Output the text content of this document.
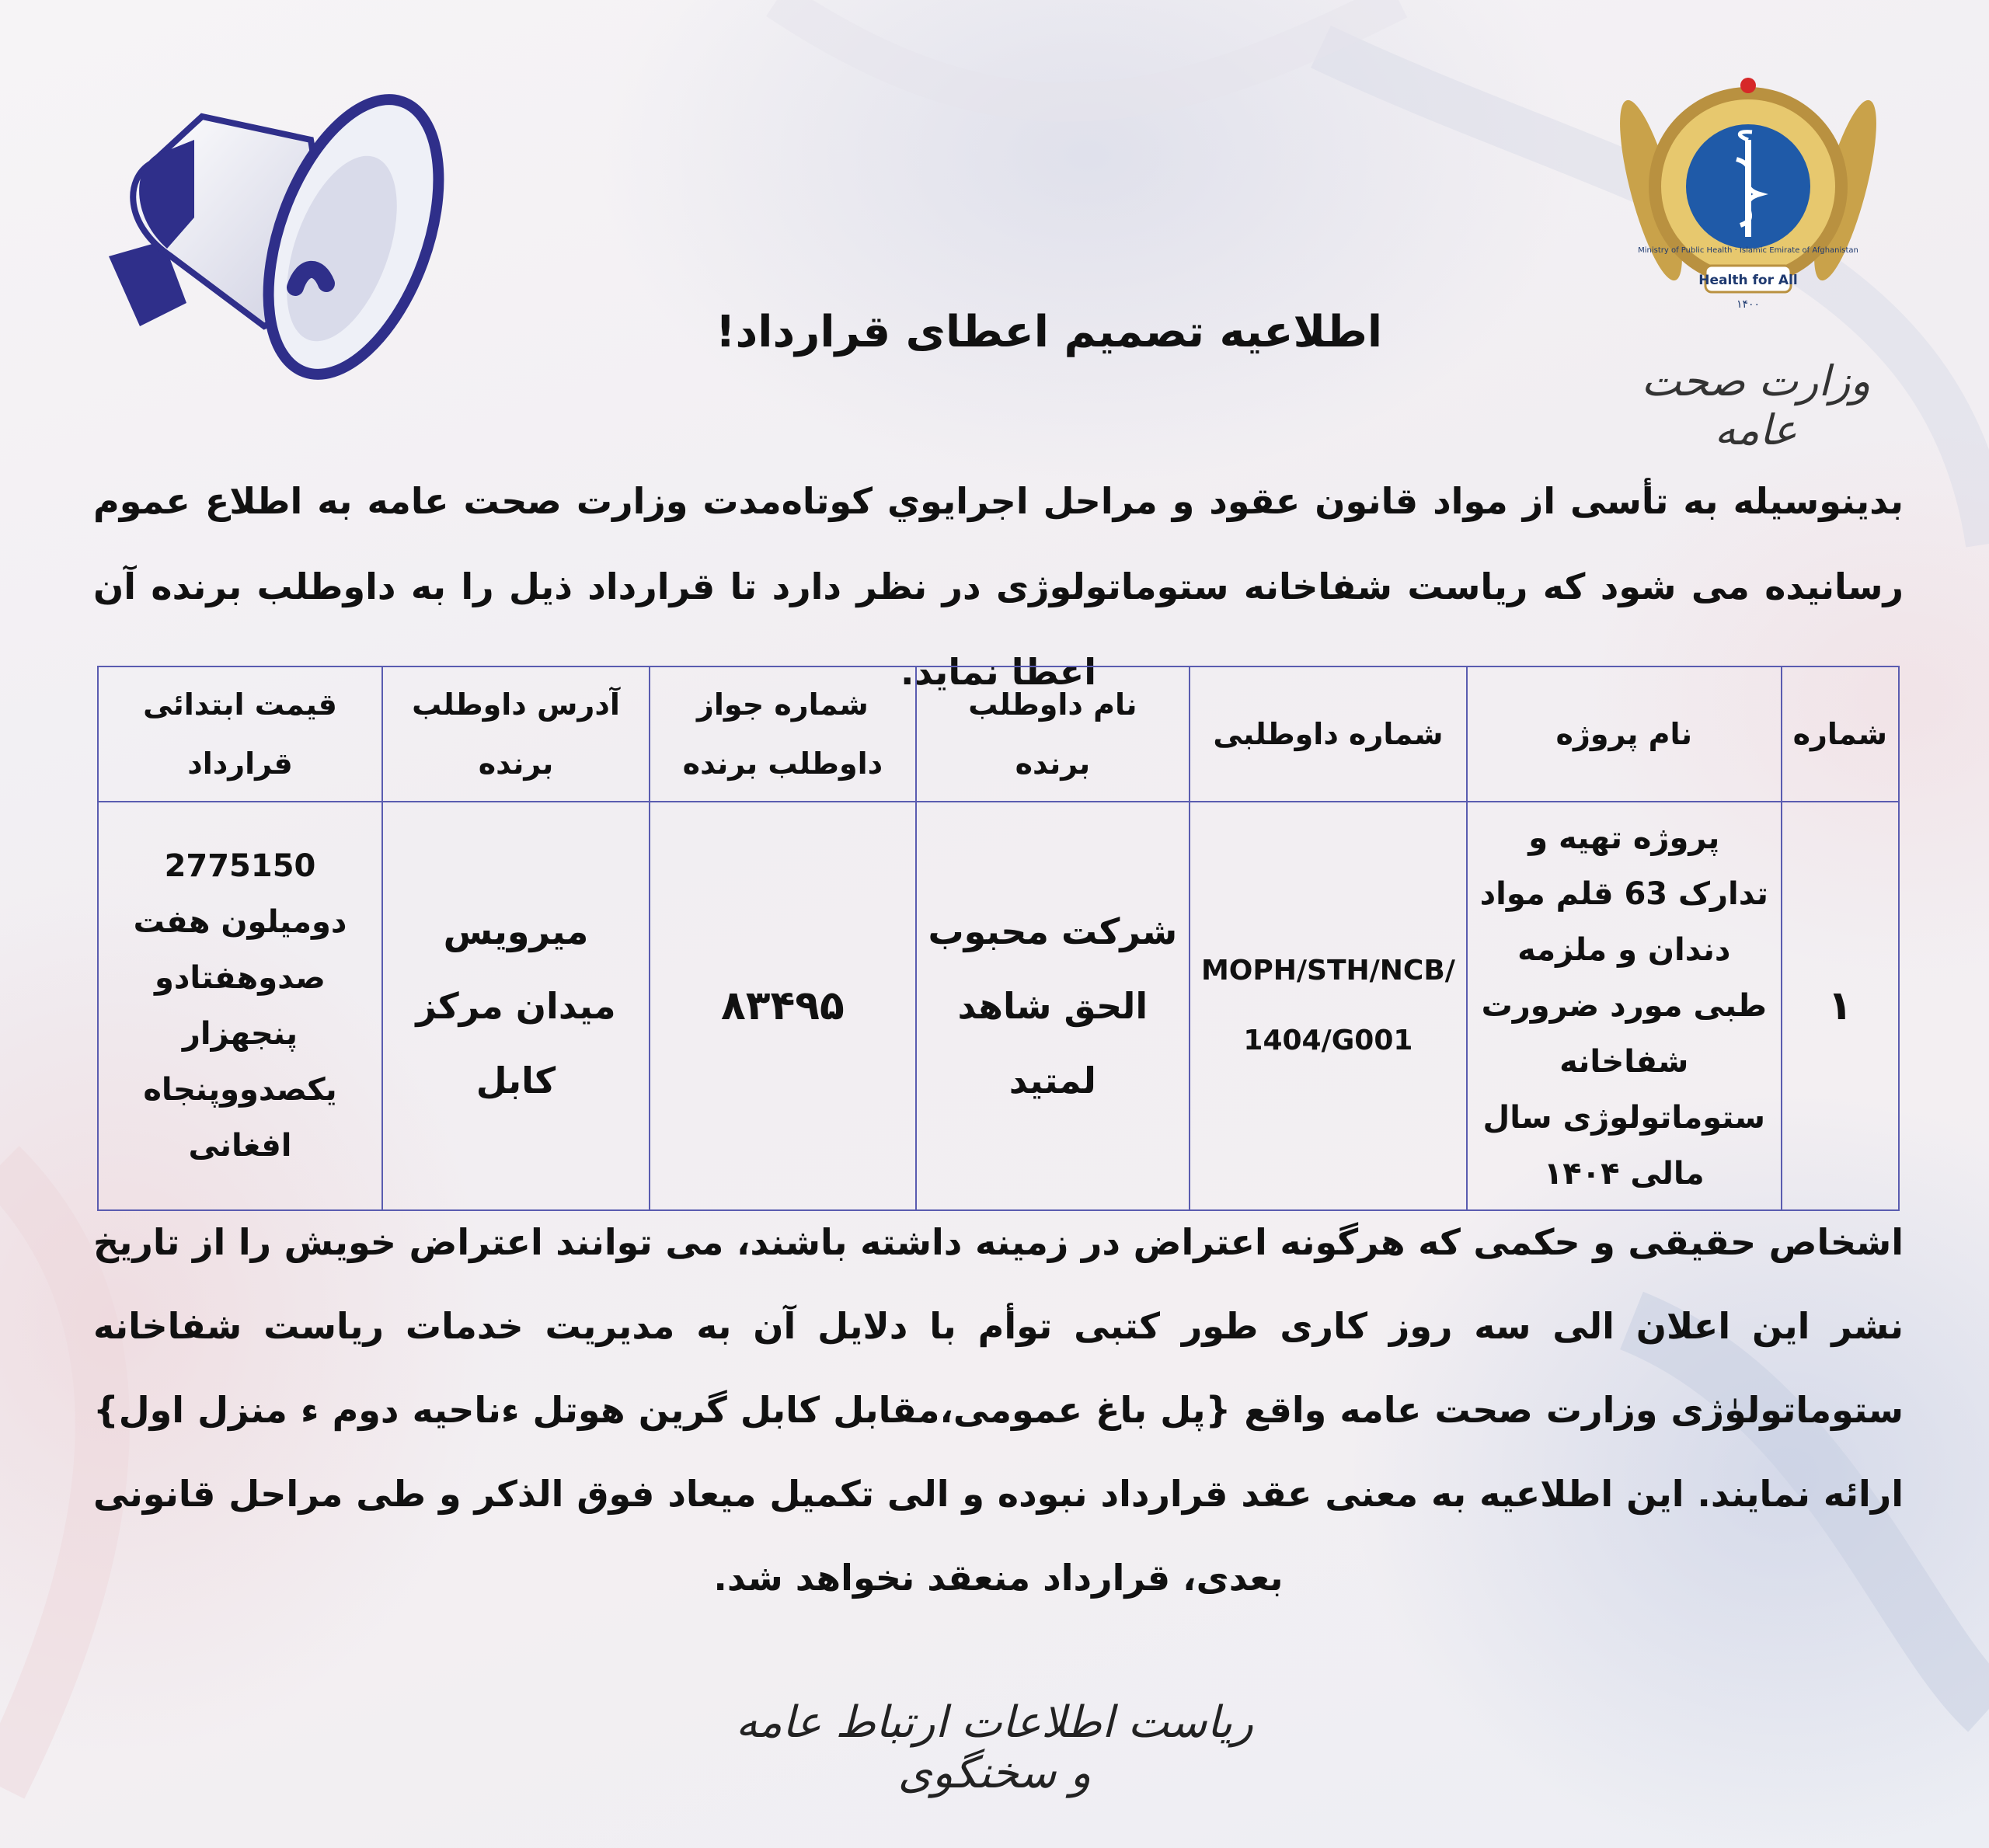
Health for All
Ministry of Public Health · Islamic Emirate of Afghanistan
۱۴۰۰

وزارت صحت عامه

اطلاعیه تصمیم اعطای قرارداد!

بدینوسیله به تأسی از مواد قانون عقود و مراحل اجرایوي کوتاه‌مدت وزارت صحت عامه به اطلاع عموم رسانیده می شود که ریاست شفاخانه ستوماتولوژی در نظر دارد تا قرارداد ذیل را به داوطلب برنده آن اعطا نماید.

شماره	نام پروژه	شماره داوطلبی	نام داوطلب برنده	شماره جواز داوطلب برنده	آدرس داوطلب برنده	قیمت ابتدائی قرارداد
۱	پروژه تهیه و تدارک 63 قلم مواد دندان و ملزمه طبی مورد ضرورت شفاخانه ستوماتولوژی سال مالی ۱۴۰۴	MOPH/STH/NCB/ 1404/G001	شرکت محبوب الحق شاهد لمتید	۸۳۴۹۵	میرویس میدان مرکز کابل	2775150 دومیلون هفت صدوهفتادو پنجهزار یکصدووپنجاه افغانی

اشخاص حقیقی و حکمی که هرگونه اعتراض در زمینه داشته باشند، می توانند اعتراض خویش را از تاریخ نشر این اعلان الی سه روز کاری طور کتبی توأم با دلایل آن به مدیریت خدمات ریاست شفاخانه ستوماتولوٰژی وزارت صحت عامه واقع {پل باغ عمومی،مقابل کابل گرین هوتل ءناحیه دوم ء منزل اول} ارائه نمایند. این اطلاعیه به معنی عقد قرارداد نبوده و الی تکمیل میعاد فوق الذکر و طی مراحل قانونی بعدی، قرارداد منعقد نخواهد شد.

ریاست اطلاعات ارتباط عامه و سخنگوی
